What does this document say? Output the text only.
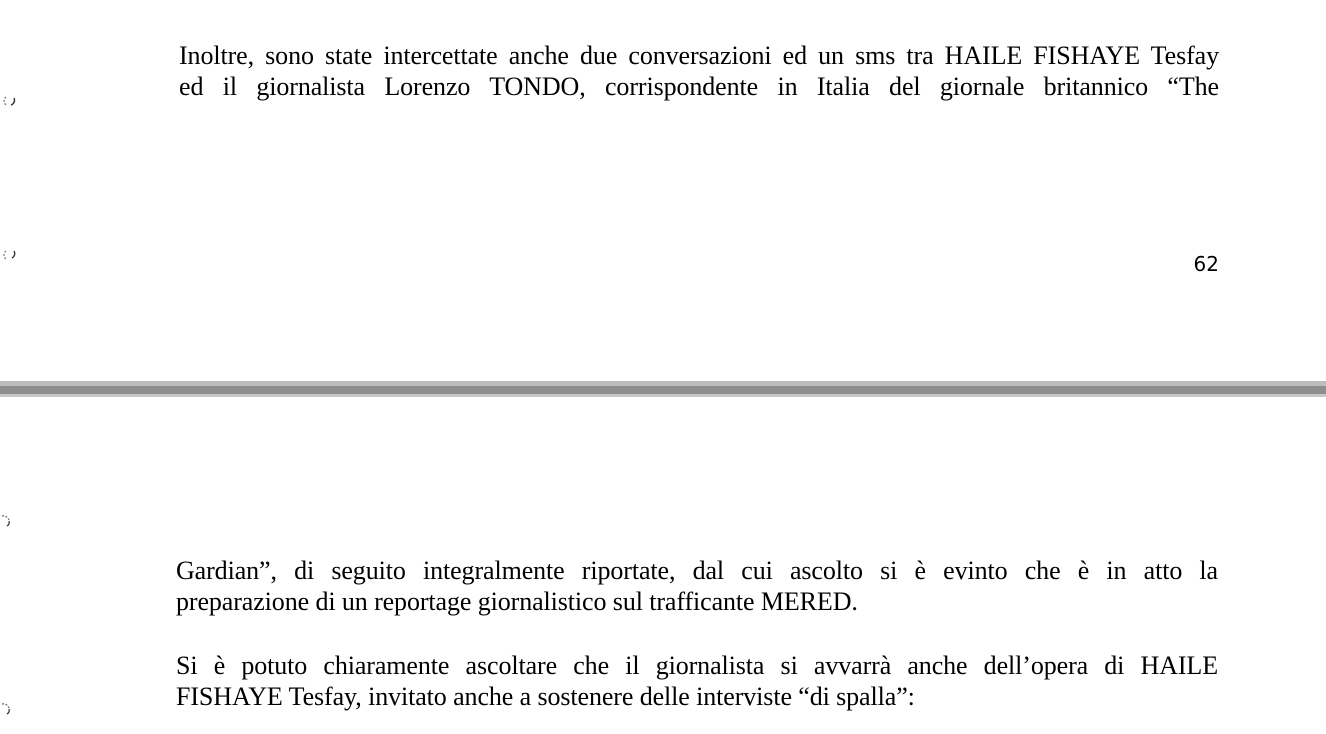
Inoltre, sono state intercettate anche due conversazioni ed un sms tra HAILE FISHAYE Tesfay
ed il giornalista Lorenzo TONDO, corrispondente in Italia del giornale britannico “The
62
Gardian”, di seguito integralmente riportate, dal cui ascolto si è evinto che è in atto la
preparazione di un reportage giornalistico sul trafficante MERED.
Si è potuto chiaramente ascoltare che il giornalista si avvarrà anche dell’opera di HAILE
FISHAYE Tesfay, invitato anche a sostenere delle interviste “di spalla”:
